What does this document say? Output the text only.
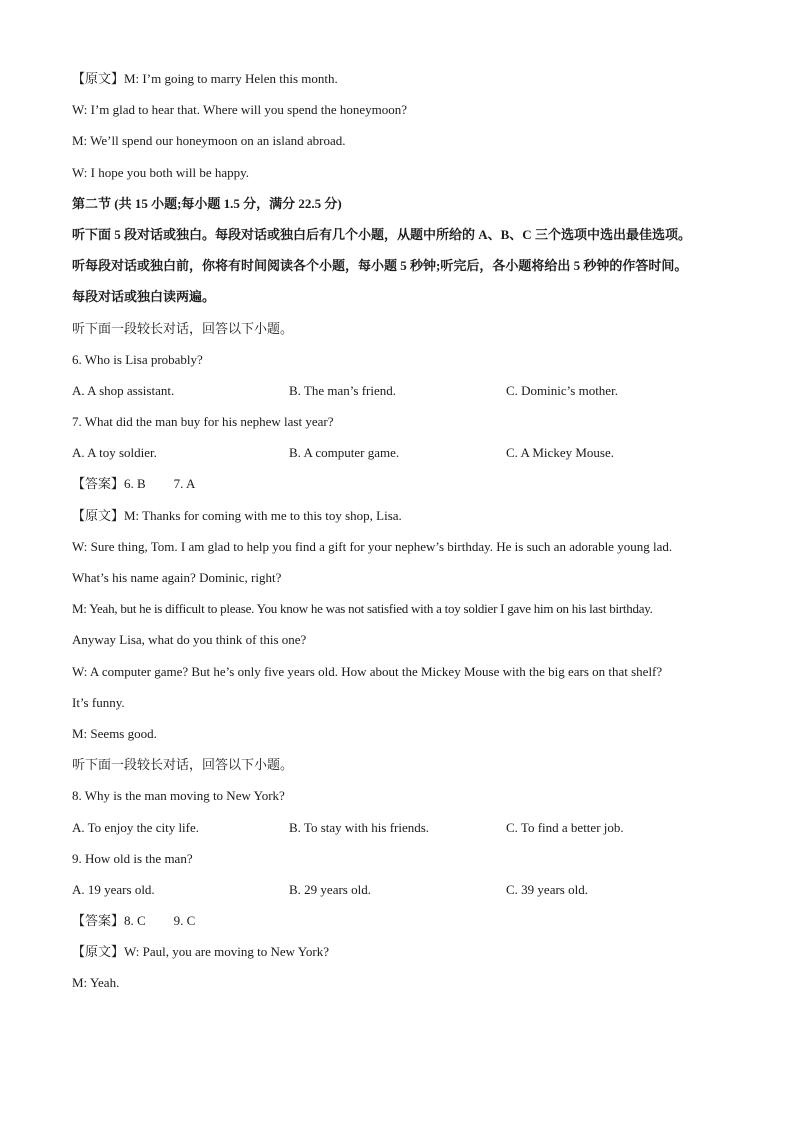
【原文】M: I’m going to marry Helen this month.
W: I’m glad to hear that. Where will you spend the honeymoon?
M: We’ll spend our honeymoon on an island abroad.
W: I hope you both will be happy.
第二节 (共 15 小题;每小题 1.5 分，满分 22.5 分)
听下面 5 段对话或独白。每段对话或独白后有几个小题，从题中所给的 A、B、C 三个选项中选出最佳选项。
听每段对话或独白前，你将有时间阅读各个小题，每小题 5 秒钟;听完后，各小题将给出 5 秒钟的作答时间。
每段对话或独白读两遍。
听下面一段较长对话，回答以下小题。
6. Who is Lisa probably?
A. A shop assistant.	B. The man’s friend.	C. Dominic’s mother.
7. What did the man buy for his nephew last year?
A. A toy soldier.	B. A computer game.	C. A Mickey Mouse.
【答案】6. B 7. A
【原文】M: Thanks for coming with me to this toy shop, Lisa.
W: Sure thing, Tom. I am glad to help you find a gift for your nephew’s birthday. He is such an adorable young lad.
What’s his name again? Dominic, right?
M: Yeah, but he is difficult to please. You know he was not satisfied with a toy soldier I gave him on his last birthday.
Anyway Lisa, what do you think of this one?
W: A computer game? But he’s only five years old. How about the Mickey Mouse with the big ears on that shelf?
It’s funny.
M: Seems good.
听下面一段较长对话，回答以下小题。
8. Why is the man moving to New York?
A. To enjoy the city life.	B. To stay with his friends.	C. To find a better job.
9. How old is the man?
A. 19 years old.	B. 29 years old.	C. 39 years old.
【答案】8. C 9. C
【原文】W: Paul, you are moving to New York?
M: Yeah.
